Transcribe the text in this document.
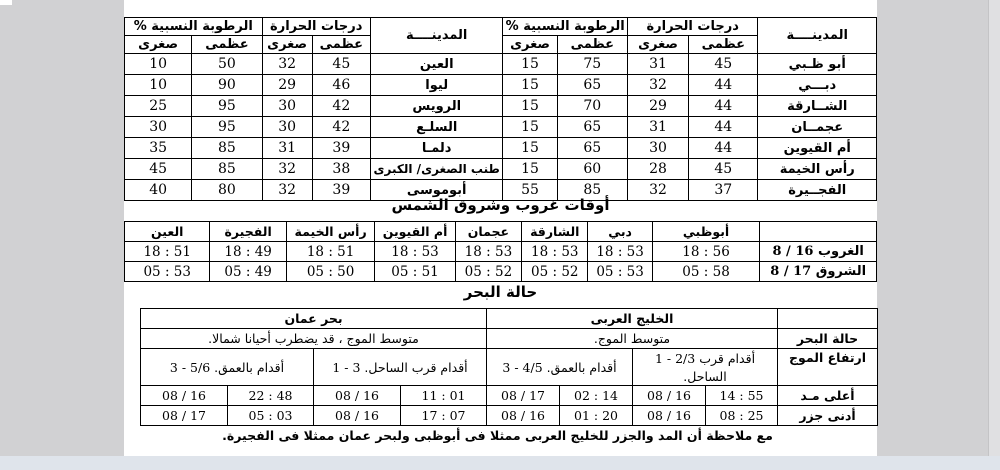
الرطوبة النسبية %		درجات الحرارة		المدينــــة	الرطوبة النسبية %		درجات الحرارة		المدينــــة
صغرى	عظمى	صغرى	عظمى		صغرى	عظمى	صغرى	عظمى	
10	50	32	45	العين	15	75	31	45	أبو ظـبي
10	90	29	46	ليوا	15	65	32	44	دبـــي
25	95	30	42	الرويس	15	70	29	44	الشــارقة
30	95	30	42	السلـع	15	65	31	44	عجمــان
35	85	31	39	دلمـا	15	65	30	44	أم القيوين
45	85	32	38	طنب الصغرى/ الكبرى	15	60	28	45	رأس الخيمة
40	80	32	39	أبوموسى	55	85	32	37	الفجــيرة
أوقات غروب وشروق الشمس
العين	الفجيرة	رأس الخيمة	أم القيوين	عجمان	الشارقة	دبي	أبوظبي	
18 : 51	18 : 49	18 : 51	18 : 53	18 : 53	18 : 53	18 : 53	18 : 56	الغروب 8 / 16
05 : 53	05 : 49	05 : 50	05 : 51	05 : 52	05 : 52	05 : 53	05 : 58	الشروق 8 / 17
حالة البحر
بحر عمان				الخليج العربى				
متوسط الموج ، قد يضطرب أحيانا شمالا.				متوسط الموج.				حالة البحر
3 - 5/6 أقدام بالعمق.		1 - 3 أقدام قرب الساحل.		3 - 4/5 أقدام بالعمق.		1 - 2/3 أقدام قرب الساحل.		ارتفاع الموج
08 / 16	22 : 48	08 / 16	11 : 01	08 / 17	02 : 14	08 / 16	14 : 55	أعلى مـد
08 / 17	05 : 03	08 / 16	17 : 07	08 / 16	01 : 20	08 / 16	08 : 25	أدنى جزر
مع ملاحظة أن المد والجزر للخليج العربى ممثلا فى أبوظبى ولبحر عمان ممثلا فى الفجيرة.
